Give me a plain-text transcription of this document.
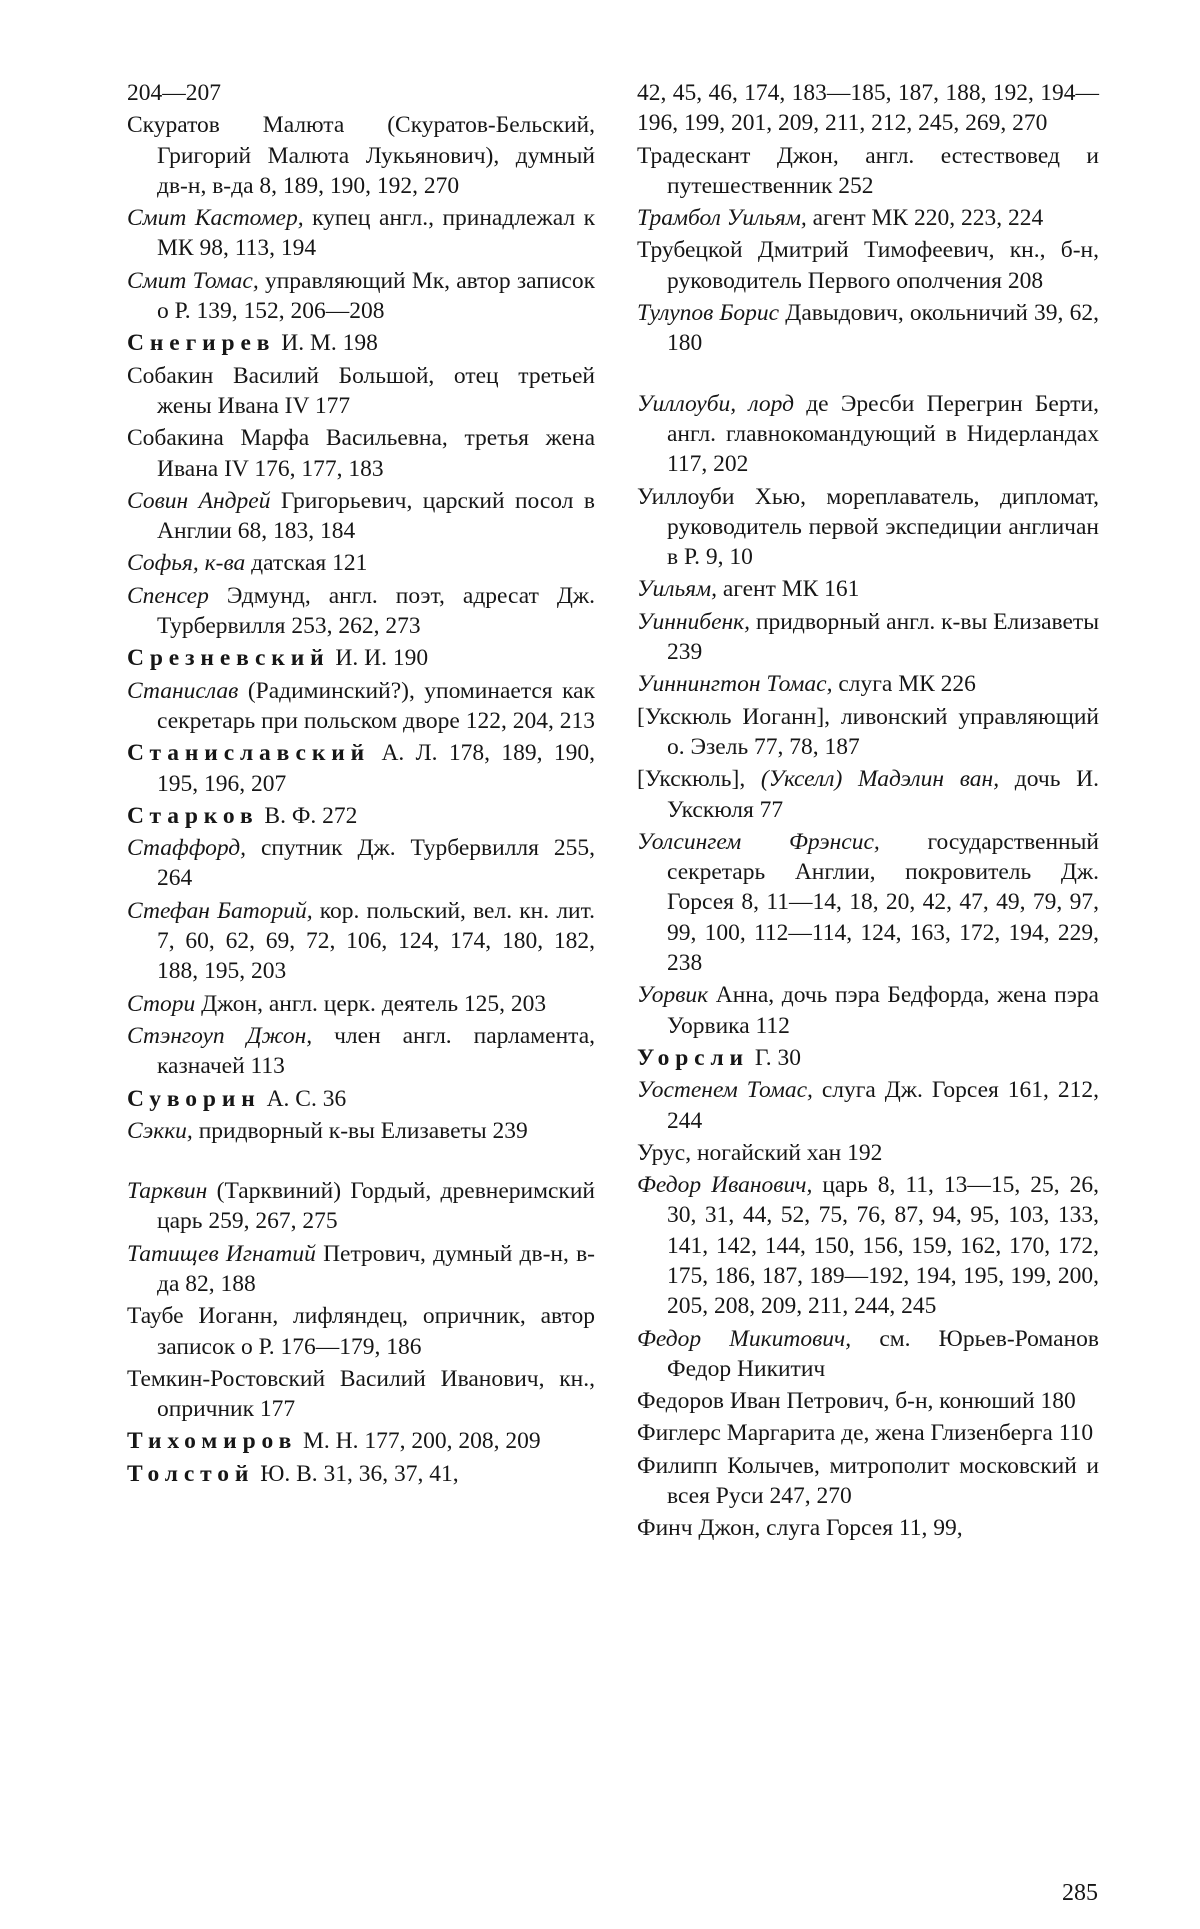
204—207
Скуратов Малюта (Скуратов-Бельский, Григорий Малюта Лукьянович), думный дв-н, в-да 8, 189, 190, 192, 270
Смит Кастомер, купец англ., принадлежал к МК 98, 113, 194
Смит Томас, управляющий Мк, автор записок о Р. 139, 152, 206—208
Снегирев И. М. 198
Собакин Василий Большой, отец третьей жены Ивана IV 177
Собакина Марфа Васильевна, третья жена Ивана IV 176, 177, 183
Совин Андрей Григорьевич, царский посол в Англии 68, 183, 184
Софья, к-ва датская 121
Спенсер Эдмунд, англ. поэт, адресат Дж. Турбервилля 253, 262, 273
Срезневский И. И. 190
Станислав (Радиминский?), упоминается как секретарь при польском дворе 122, 204, 213
Станиславский А. Л. 178, 189, 190, 195, 196, 207
Старков В. Ф. 272
Стаффорд, спутник Дж. Турбервилля 255, 264
Стефан Баторий, кор. польский, вел. кн. лит. 7, 60, 62, 69, 72, 106, 124, 174, 180, 182, 188, 195, 203
Стори Джон, англ. церк. деятель 125, 203
Стэнгоуп Джон, член англ. парламента, казначей 113
Суворин А. С. 36
Сэкки, придворный к-вы Елизаветы 239
Тарквин (Тарквиний) Гордый, древнеримский царь 259, 267, 275
Татищев Игнатий Петрович, думный дв-н, в-да 82, 188
Таубе Иоганн, лифляндец, опричник, автор записок о Р. 176—179, 186
Темкин-Ростовский Василий Иванович, кн., опричник 177
Тихомиров М. Н. 177, 200, 208, 209
Толстой Ю. В. 31, 36, 37, 41,
42, 45, 46, 174, 183—185, 187, 188, 192, 194—196, 199, 201, 209, 211, 212, 245, 269, 270
Традескант Джон, англ. естествовед и путешественник 252
Трамбол Уильям, агент МК 220, 223, 224
Трубецкой Дмитрий Тимофеевич, кн., б-н, руководитель Первого ополчения 208
Тулупов Борис Давыдович, окольничий 39, 62, 180
Уиллоуби, лорд де Эресби Перегрин Берти, англ. главнокомандующий в Нидерландах 117, 202
Уиллоуби Хью, мореплаватель, дипломат, руководитель первой экспедиции англичан в Р. 9, 10
Уильям, агент МК 161
Уиннибенк, придворный англ. к-вы Елизаветы 239
Уиннингтон Томас, слуга МК 226
[Укскюль Иоганн], ливонский управляющий о. Эзель 77, 78, 187
[Укскюль], (Укселл) Мадэлин ван, дочь И. Укскюля 77
Уолсингем Фрэнсис, государственный секретарь Англии, покровитель Дж. Горсея 8, 11—14, 18, 20, 42, 47, 49, 79, 97, 99, 100, 112—114, 124, 163, 172, 194, 229, 238
Уорвик Анна, дочь пэра Бедфорда, жена пэра Уорвика 112
Уорсли Г. 30
Уостенем Томас, слуга Дж. Горсея 161, 212, 244
Урус, ногайский хан 192
Федор Иванович, царь 8, 11, 13—15, 25, 26, 30, 31, 44, 52, 75, 76, 87, 94, 95, 103, 133, 141, 142, 144, 150, 156, 159, 162, 170, 172, 175, 186, 187, 189—192, 194, 195, 199, 200, 205, 208, 209, 211, 244, 245
Федор Микитович, см. Юрьев-Романов Федор Никитич
Федоров Иван Петрович, б-н, конюший 180
Фиглерс Маргарита де, жена Глизенберга 110
Филипп Колычев, митрополит московский и всея Руси 247, 270
Финч Джон, слуга Горсея 11, 99,
285
